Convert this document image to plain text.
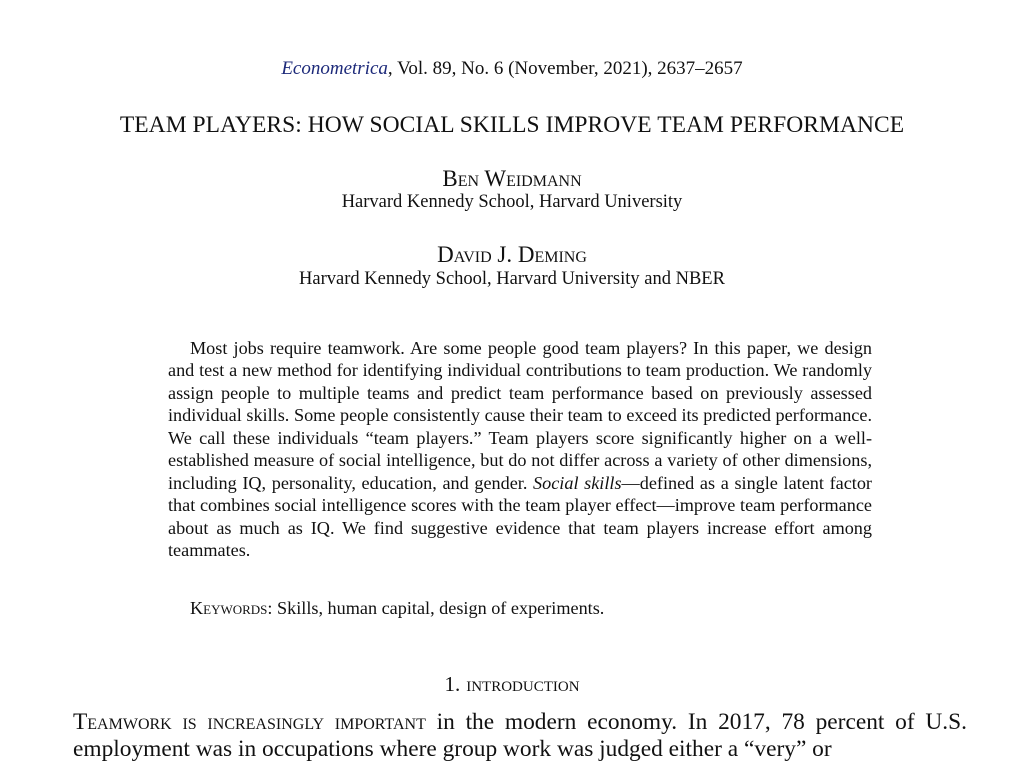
Econometrica, Vol. 89, No. 6 (November, 2021), 2637–2657
TEAM PLAYERS: HOW SOCIAL SKILLS IMPROVE TEAM PERFORMANCE
Ben Weidmann
Harvard Kennedy School, Harvard University
David J. Deming
Harvard Kennedy School, Harvard University and NBER

Most jobs require teamwork. Are some people good team players? In this paper, we design and test a new method for identifying individual contributions to team production. We randomly assign people to multiple teams and predict team performance based on previously assessed individual skills. Some people consistently cause their team to exceed its predicted performance. We call these individuals “team players.” Team players score significantly higher on a well-established measure of social intelligence, but do not differ across a variety of other dimensions, including IQ, personality, education, and gender. Social skills—defined as a single latent factor that combines social intelligence scores with the team player effect—improve team performance about as much as IQ. We find suggestive evidence that team players increase effort among teammates.

Keywords: Skills, human capital, design of experiments.
1. introduction

Teamwork is increasingly important in the modern economy. In 2017, 78 percent of U.S. employment was in occupations where group work was judged either a “very” or
